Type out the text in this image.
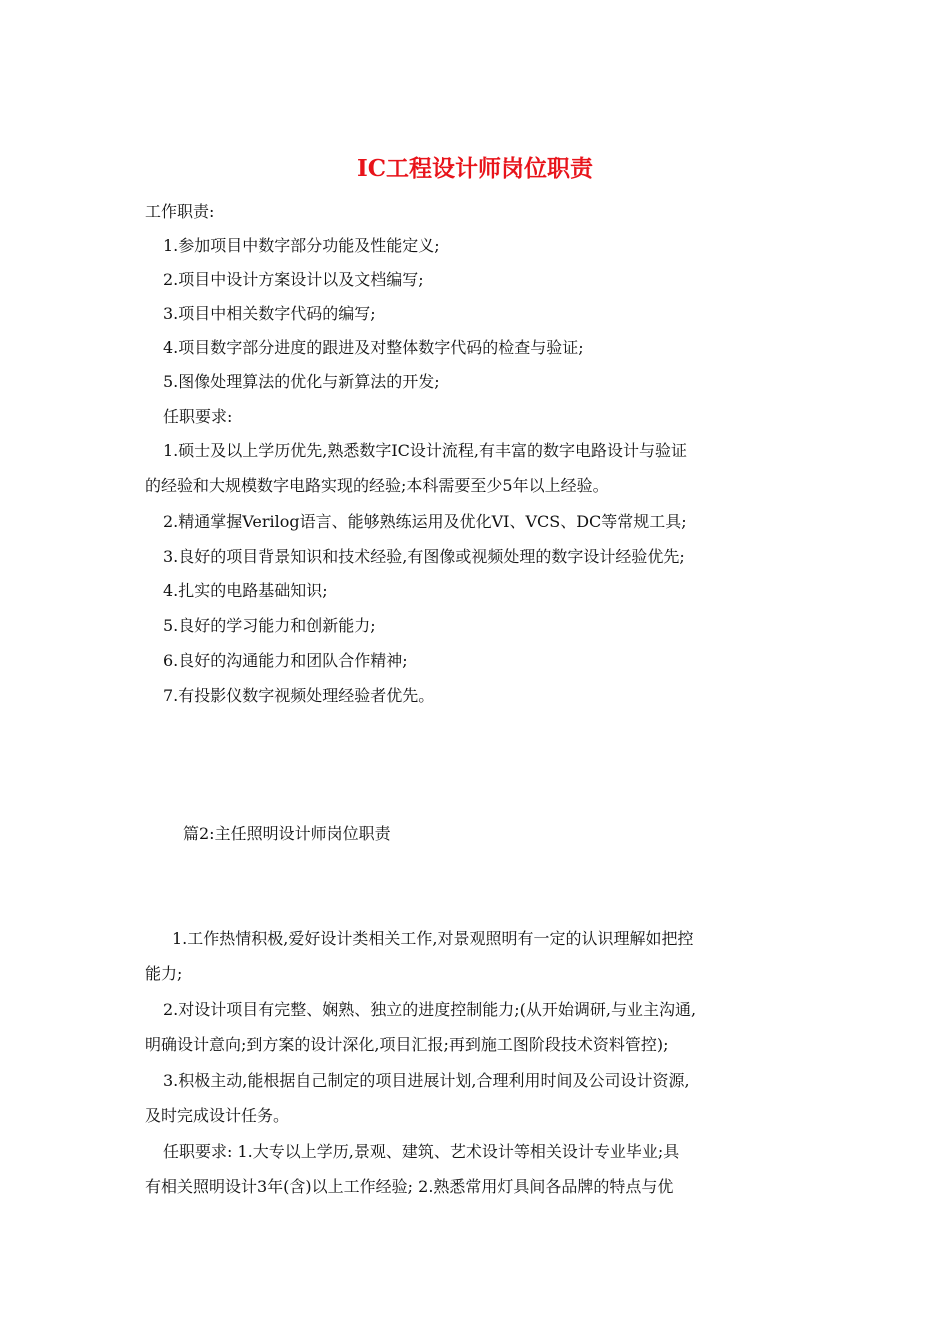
IC工程设计师岗位职责
工作职责:
1.参加项目中数字部分功能及性能定义;
2.项目中设计方案设计以及文档编写;
3.项目中相关数字代码的编写;
4.项目数字部分进度的跟进及对整体数字代码的检查与验证;
5.图像处理算法的优化与新算法的开发;
任职要求:
1.硕士及以上学历优先,熟悉数字IC设计流程,有丰富的数字电路设计与验证
的经验和大规模数字电路实现的经验;本科需要至少5年以上经验。
2.精通掌握Verilog语言、能够熟练运用及优化VI、VCS、DC等常规工具;
3.良好的项目背景知识和技术经验,有图像或视频处理的数字设计经验优先;
4.扎实的电路基础知识;
5.良好的学习能力和创新能力;
6.良好的沟通能力和团队合作精神;
7.有投影仪数字视频处理经验者优先。
篇2:主任照明设计师岗位职责
1.工作热情积极,爱好设计类相关工作,对景观照明有一定的认识理解如把控
能力;
2.对设计项目有完整、娴熟、独立的进度控制能力;(从开始调研,与业主沟通,
明确设计意向;到方案的设计深化,项目汇报;再到施工图阶段技术资料管控);
3.积极主动,能根据自己制定的项目进展计划,合理利用时间及公司设计资源,
及时完成设计任务。
任职要求: 1.大专以上学历,景观、建筑、艺术设计等相关设计专业毕业;具
有相关照明设计3年(含)以上工作经验; 2.熟悉常用灯具间各品牌的特点与优
